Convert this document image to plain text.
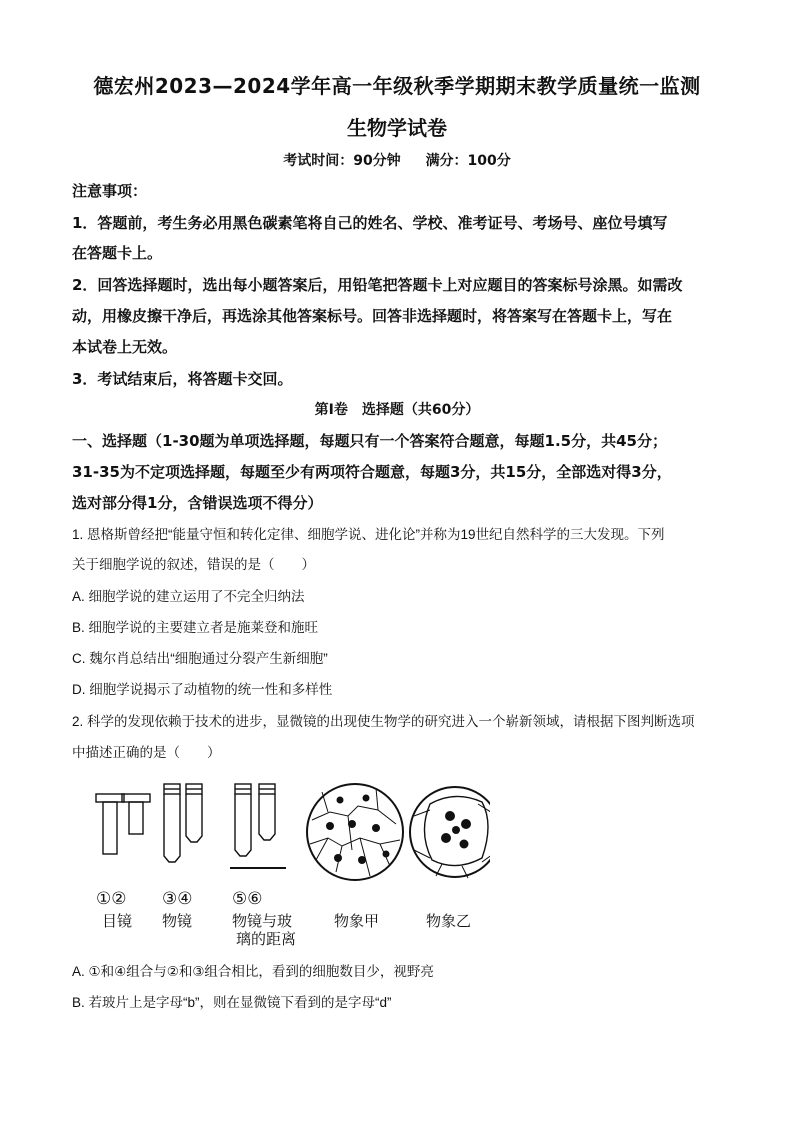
德宏州2023—2024学年高一年级秋季学期期末教学质量统一监测
生物学试卷
考试时间：90分钟 满分：100分
注意事项：
1．答题前，考生务必用黑色碳素笔将自己的姓名、学校、准考证号、考场号、座位号填写
在答题卡上。
2．回答选择题时，选出每小题答案后，用铅笔把答题卡上对应题目的答案标号涂黑。如需改
动，用橡皮擦干净后，再选涂其他答案标号。回答非选择题时，将答案写在答题卡上，写在
本试卷上无效。
3．考试结束后，将答题卡交回。
第Ⅰ卷　选择题（共60分）
一、选择题（1-30题为单项选择题，每题只有一个答案符合题意，每题1.5分，共45分；
31-35为不定项选择题，每题至少有两项符合题意，每题3分，共15分，全部选对得3分，
选对部分得1分，含错误选项不得分）
1. 恩格斯曾经把“能量守恒和转化定律、细胞学说、进化论”并称为19世纪自然科学的三大发现。下列
关于细胞学说的叙述，错误的是（　　）
A. 细胞学说的建立运用了不完全归纳法
B. 细胞学说的主要建立者是施莱登和施旺
C. 魏尔肖总结出“细胞通过分裂产生新细胞”
D. 细胞学说揭示了动植物的统一性和多样性
2. 科学的发现依赖于技术的进步，显微镜的出现使生物学的研究进入一个崭新领域，请根据下图判断选项
中描述正确的是（　　）
①② ③④ ⑤⑥
目镜 物镜	物镜与玻
璃的距离
物象甲	物象乙
A. ①和④组合与②和③组合相比，看到的细胞数目少，视野亮
B. 若玻片上是字母“b”，则在显微镜下看到的是字母“d”
